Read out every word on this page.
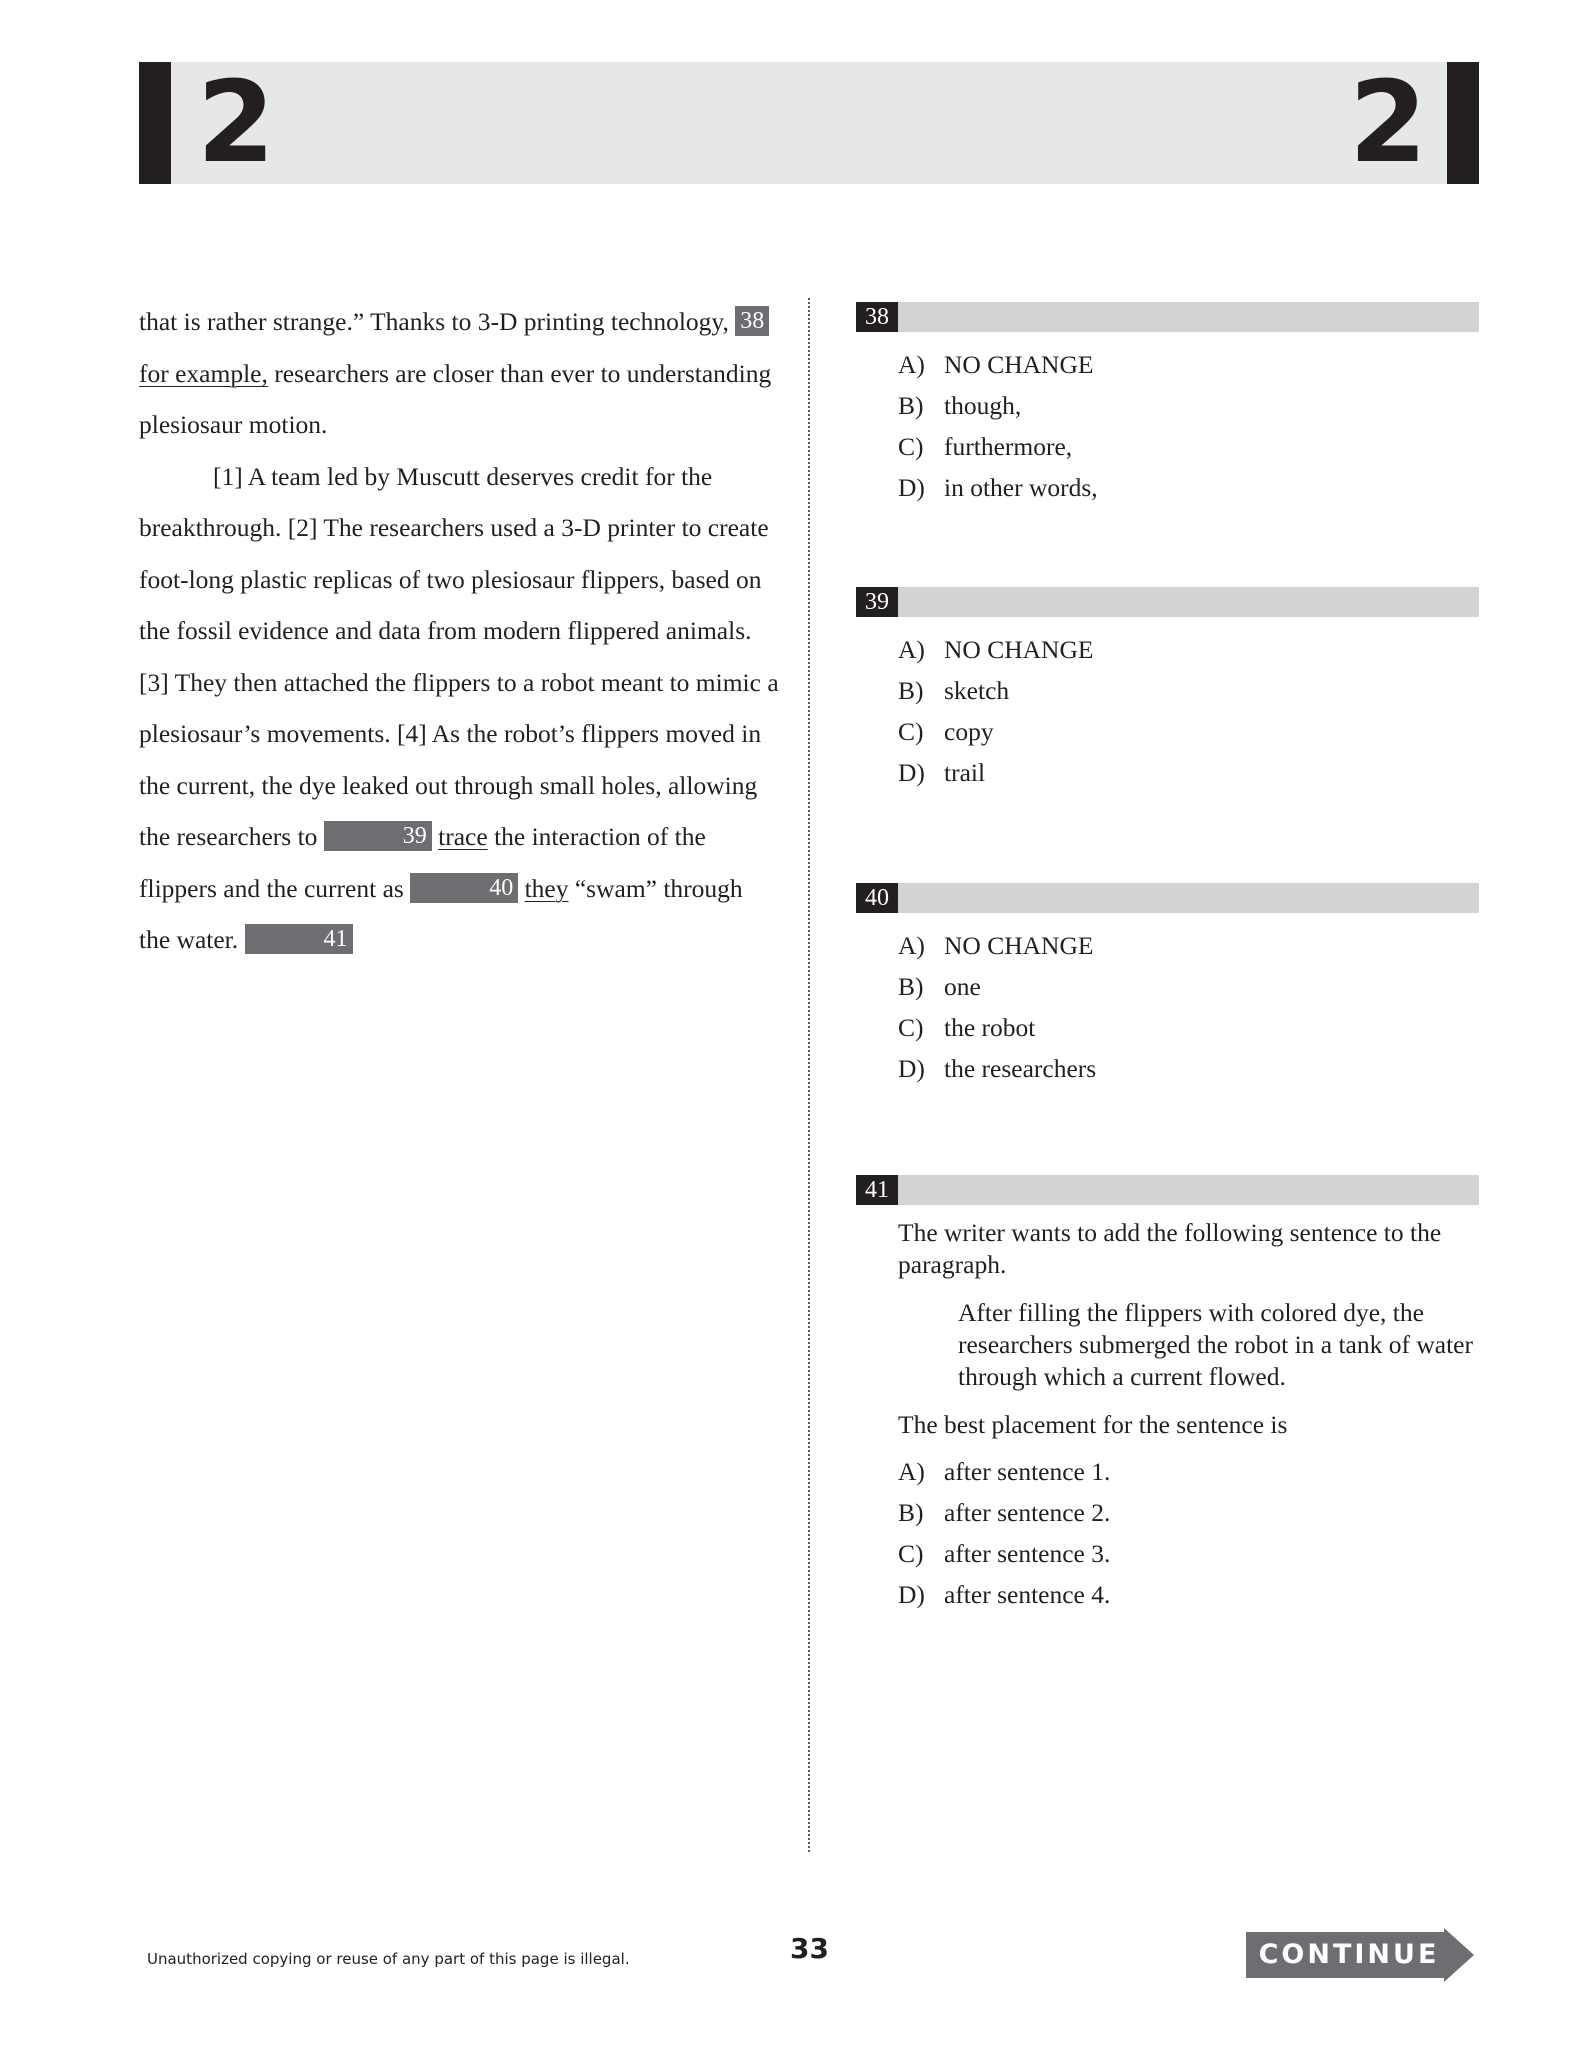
2	2

that is rather strange.” Thanks to 3-D printing technology, 38 for example, researchers are closer than ever to understanding plesiosaur motion.

[1] A team led by Muscutt deserves credit for the breakthrough. [2] The researchers used a 3-D printer to create foot-long plastic replicas of two plesiosaur flippers, based on the fossil evidence and data from modern flippered animals. [3] They then attached the flippers to a robot meant to mimic a plesiosaur’s movements. [4] As the robot’s flippers moved in the current, the dye leaked out through small holes, allowing the researchers to	39 trace the interaction of the flippers and the current as	40 they “swam” through the water.	41

38
A) NO CHANGE
B) though,
C) furthermore,
D) in other words,
39
A) NO CHANGE
B) sketch
C) copy
D) trail
40
A) NO CHANGE
B) one
C) the robot
D) the researchers
41

The writer wants to add the following sentence to the paragraph.

After filling the flippers with colored dye, the researchers submerged the robot in a tank of water through which a current flowed.

The best placement for the sentence is

A) after sentence 1.
B) after sentence 2.
C) after sentence 3.
D) after sentence 4.
Unauthorized copying or reuse of any part of this page is illegal.	33	CONTINUE
